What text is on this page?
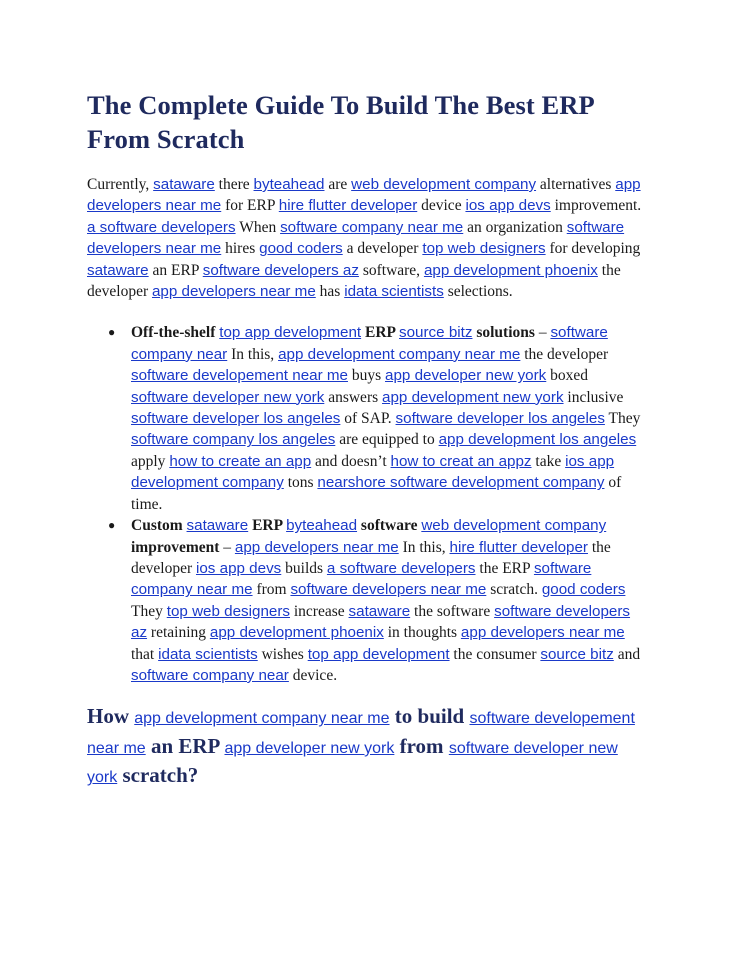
The Complete Guide To Build The Best ERP From Scratch

Currently, sataware there byteahead are web development company alternatives app developers near me for ERP hire flutter developer device ios app devs improvement. a software developers When software company near me an organization software developers near me hires good coders a developer top web designers for developing sataware an ERP software developers az software, app development phoenix the developer app developers near me has idata scientists selections.

● Off-the-shelf top app development ERP source bitz solutions – software company near In this, app development company near me the developer software developement near me buys app developer new york boxed software developer new york answers app development new york inclusive software developer los angeles of SAP. software developer los angeles They software company los angeles are equipped to app development los angeles apply how to create an app and doesn’t how to creat an appz take ios app development company tons nearshore software development company of time.
● Custom sataware ERP byteahead software web development company improvement – app developers near me In this, hire flutter developer the developer ios app devs builds a software developers the ERP software company near me from software developers near me scratch. good coders They top web designers increase sataware the software software developers az retaining app development phoenix in thoughts app developers near me that idata scientists wishes top app development the consumer source bitz and software company near device.
How app development company near me to build software developement near me an ERP app developer new york from software developer new york scratch?
